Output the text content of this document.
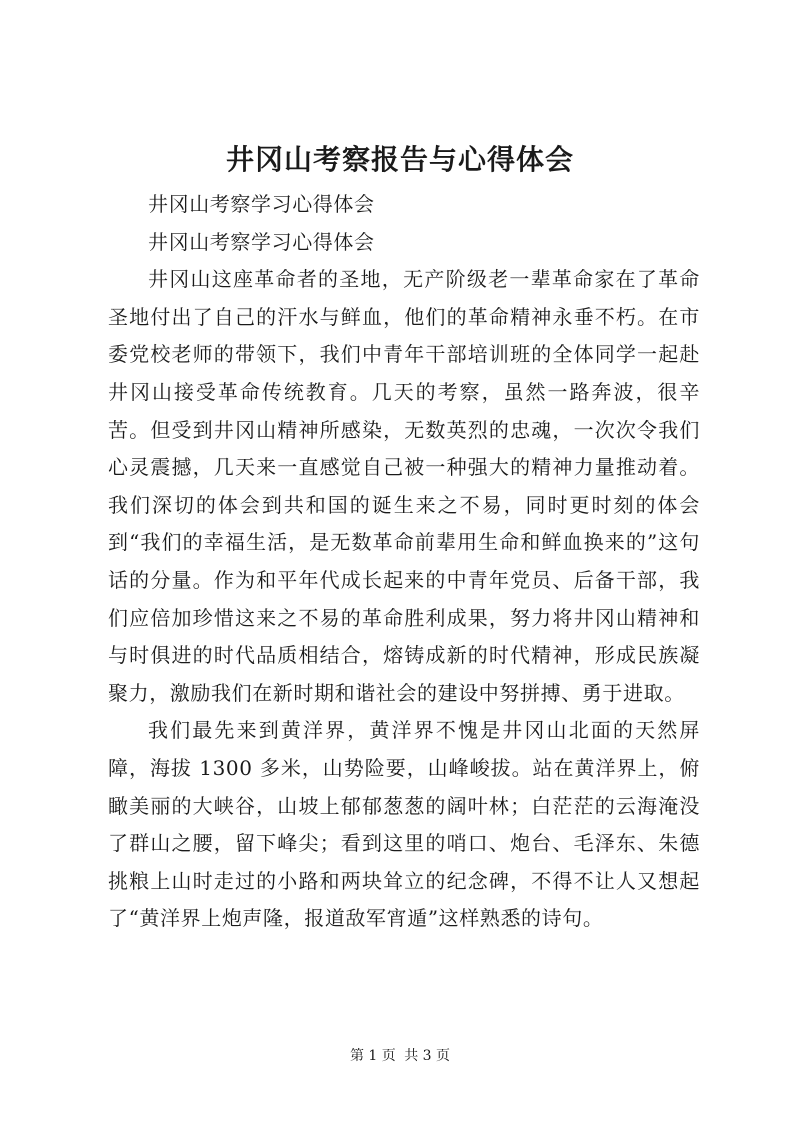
井冈山考察报告与心得体会

井冈山考察学习心得体会

井冈山考察学习心得体会

井冈山这座革命者的圣地，无产阶级老一辈革命家在了革命圣地付出了自己的汗水与鲜血，他们的革命精神永垂不朽。在市委党校老师的带领下，我们中青年干部培训班的全体同学一起赴井冈山接受革命传统教育。几天的考察，虽然一路奔波，很辛苦。但受到井冈山精神所感染，无数英烈的忠魂，一次次令我们心灵震撼，几天来一直感觉自己被一种强大的精神力量推动着。我们深切的体会到共和国的诞生来之不易，同时更时刻的体会到“我们的幸福生活，是无数革命前辈用生命和鲜血换来的”这句话的分量。作为和平年代成长起来的中青年党员、后备干部，我们应倍加珍惜这来之不易的革命胜利成果，努力将井冈山精神和与时俱进的时代品质相结合，熔铸成新的时代精神，形成民族凝聚力，激励我们在新时期和谐社会的建设中努拼搏、勇于进取。

我们最先来到黄洋界，黄洋界不愧是井冈山北面的天然屏障，海拔 1300 多米，山势险要，山峰峻拔。站在黄洋界上，俯瞰美丽的大峡谷，山坡上郁郁葱葱的阔叶林；白茫茫的云海淹没了群山之腰，留下峰尖；看到这里的哨口、炮台、毛泽东、朱德挑粮上山时走过的小路和两块耸立的纪念碑，不得不让人又想起了“黄洋界上炮声隆，报道敌军宵遁”这样熟悉的诗句。

第 1 页 共 3 页
